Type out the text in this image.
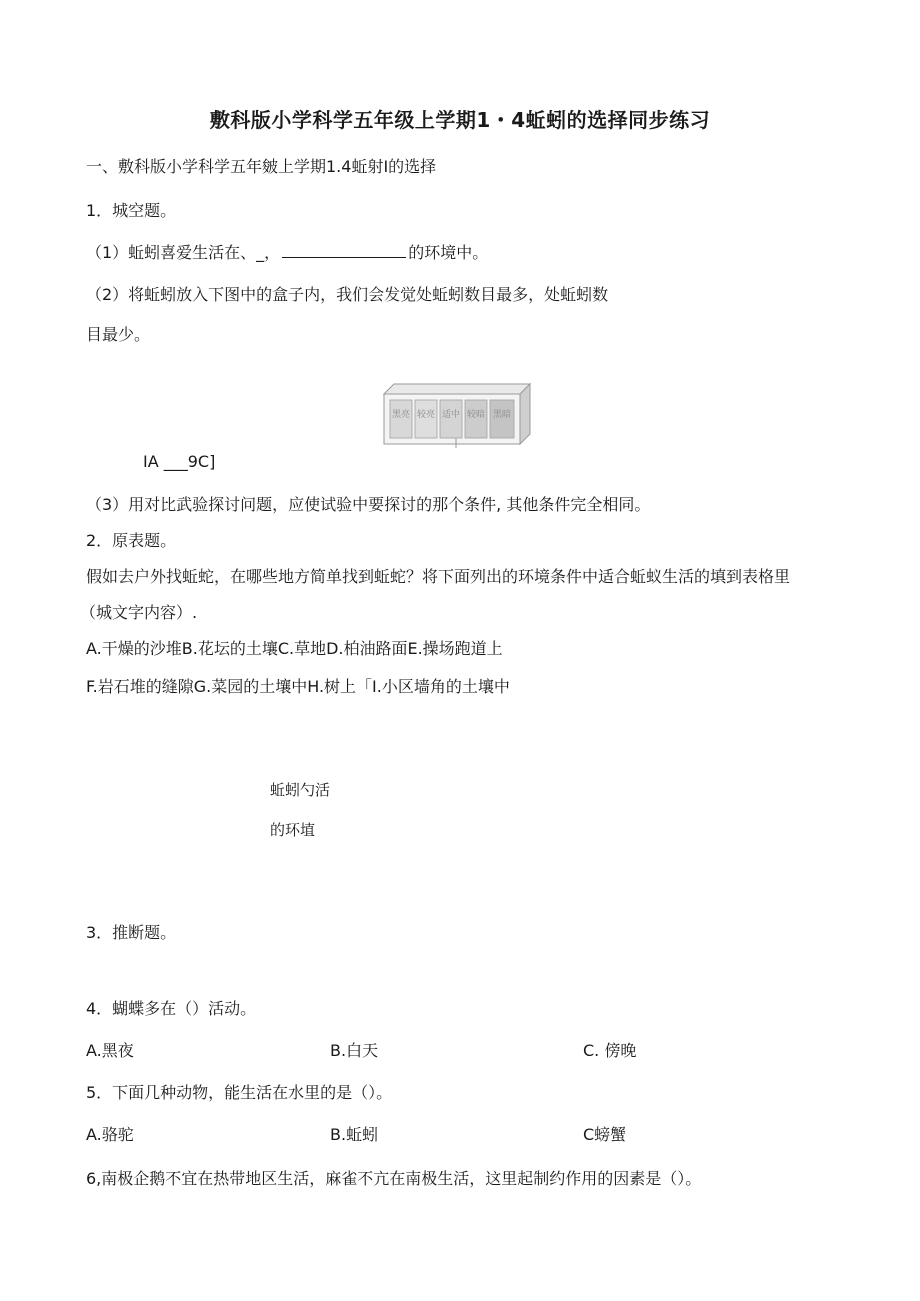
敷科版小学科学五年级上学期1・4蚯蚓的选择同步练习
一、敷科版小学科学五年皴上学期1.4蚯射I的选择
1．城空题。
（1）蚯蚓喜爱生活在、_，	的环境中。
（2）将蚯蚓放入下图中的盒子内，我们会发觉处蚯蚓数目最多，处蚯蚓数
目最少。
黑亮 较亮 适中 较暗 黑暗
IA ___9C]
（3）用对比武验探讨问题，应使试验中要探讨的那个条件, 其他条件完全相同。
2．原表题。
假如去户外找蚯蛇，在哪些地方简单找到蚯蛇？将下面列出的环境条件中适合蚯蚁生活的填到表格里
（城文字内容）.
A.干燥的沙堆B.花坛的土壤C.草地D.柏油路面E.操场跑道上
F.岩石堆的缝隙G.菜园的土壤中H.树上「I.小区墙角的土壤中
蚯蚓勺活
的环埴
3．推断题。
4．蝴蝶多在（）活动。
A.黑夜	B.白天	C. 傍晚
5．下面几种动物，能生活在水里的是（）。
A.骆驼	B.蚯蚓	C螃蟹
6,南极企鹅不宜在热带地区生活，麻雀不亢在南极生活，这里起制约作用的因素是（）。
